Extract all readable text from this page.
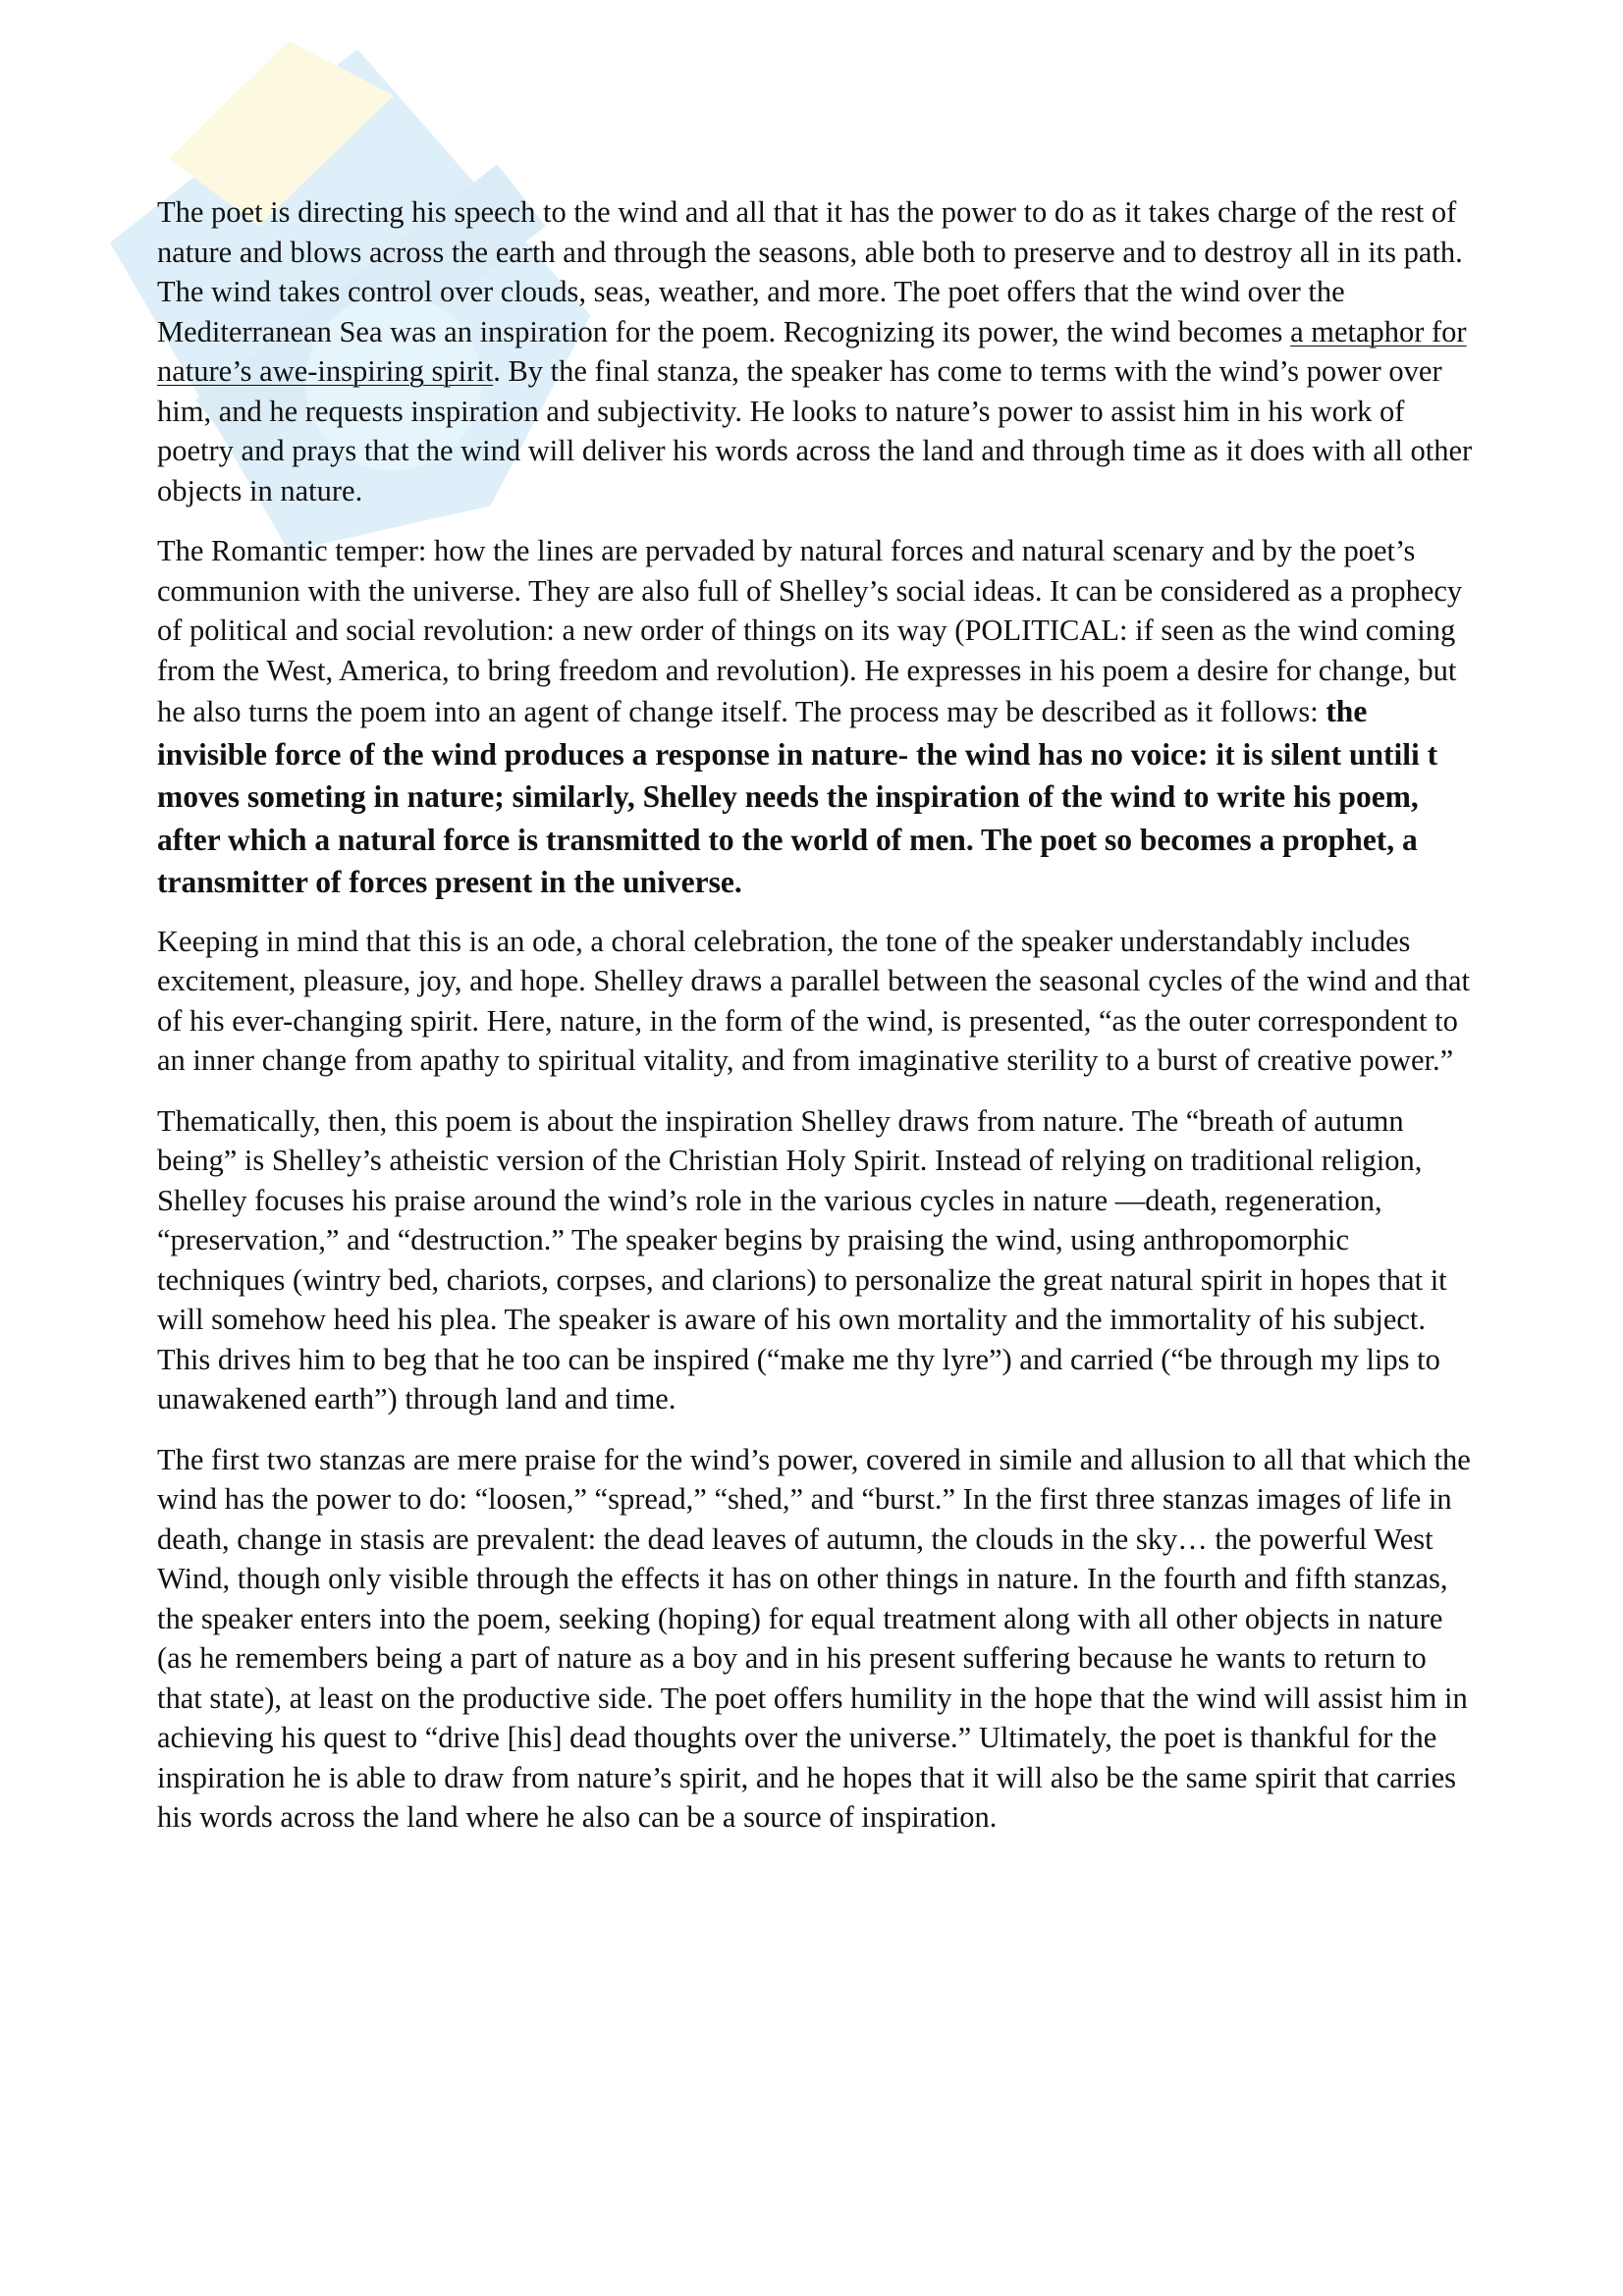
The poet is directing his speech to the wind and all that it has the power to do as it takes charge of the rest of nature and blows across the earth and through the seasons, able both to preserve and to destroy all in its path. The wind takes control over clouds, seas, weather, and more. The poet offers that the wind over the Mediterranean Sea was an inspiration for the poem. Recognizing its power, the wind becomes a metaphor for nature’s awe-inspiring spirit. By the final stanza, the speaker has come to terms with the wind’s power over him, and he requests inspiration and subjectivity. He looks to nature’s power to assist him in his work of poetry and prays that the wind will deliver his words across the land and through time as it does with all other objects in nature.

The Romantic temper: how the lines are pervaded by natural forces and natural scenary and by the poet’s communion with the universe. They are also full of Shelley’s social ideas. It can be considered as a prophecy of political and social revolution: a new order of things on its way (POLITICAL: if seen as the wind coming from the West, America, to bring freedom and revolution). He expresses in his poem a desire for change, but he also turns the poem into an agent of change itself. The process may be described as it follows: the invisible force of the wind produces a response in nature- the wind has no voice: it is silent untili t moves someting in nature; similarly, Shelley needs the inspiration of the wind to write his poem, after which a natural force is transmitted to the world of men. The poet so becomes a prophet, a transmitter of forces present in the universe.

Keeping in mind that this is an ode, a choral celebration, the tone of the speaker understandably includes excitement, pleasure, joy, and hope. Shelley draws a parallel between the seasonal cycles of the wind and that of his ever-changing spirit. Here, nature, in the form of the wind, is presented, “as the outer correspondent to an inner change from apathy to spiritual vitality, and from imaginative sterility to a burst of creative power.”

Thematically, then, this poem is about the inspiration Shelley draws from nature. The “breath of autumn being” is Shelley’s atheistic version of the Christian Holy Spirit. Instead of relying on traditional religion, Shelley focuses his praise around the wind’s role in the various cycles in nature —death, regeneration, “preservation,” and “destruction.” The speaker begins by praising the wind, using anthropomorphic techniques (wintry bed, chariots, corpses, and clarions) to personalize the great natural spirit in hopes that it will somehow heed his plea. The speaker is aware of his own mortality and the immortality of his subject. This drives him to beg that he too can be inspired (“make me thy lyre”) and carried (“be through my lips to unawakened earth”) through land and time.

The first two stanzas are mere praise for the wind’s power, covered in simile and allusion to all that which the wind has the power to do: “loosen,” “spread,” “shed,” and “burst.” In the first three stanzas images of life in death, change in stasis are prevalent: the dead leaves of autumn, the clouds in the sky… the powerful West Wind, though only visible through the effects it has on other things in nature. In the fourth and fifth stanzas, the speaker enters into the poem, seeking (hoping) for equal treatment along with all other objects in nature (as he remembers being a part of nature as a boy and in his present suffering because he wants to return to that state), at least on the productive side. The poet offers humility in the hope that the wind will assist him in achieving his quest to “drive [his] dead thoughts over the universe.” Ultimately, the poet is thankful for the inspiration he is able to draw from nature’s spirit, and he hopes that it will also be the same spirit that carries his words across the land where he also can be a source of inspiration.
